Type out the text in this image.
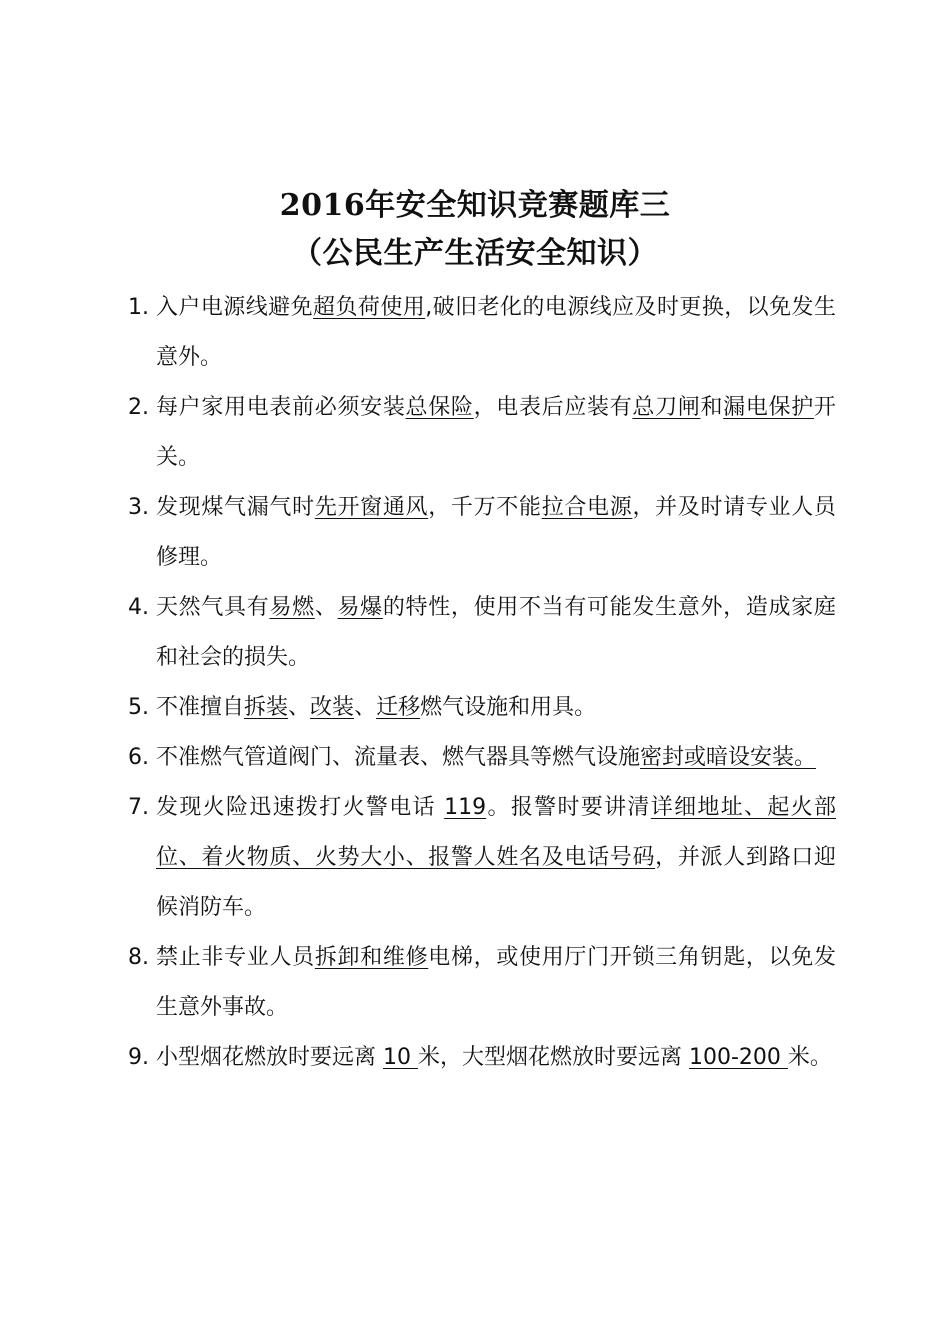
2016年安全知识竞赛题库三
（公民生产生活安全知识）
1. 入户电源线避免超负荷使用,破旧老化的电源线应及时更换，以免发生意外。
2. 每户家用电表前必须安装总保险，电表后应装有总刀闸和漏电保护开关。
3. 发现煤气漏气时先开窗通风，千万不能拉合电源，并及时请专业人员修理。
4. 天然气具有易燃、易爆的特性，使用不当有可能发生意外，造成家庭和社会的损失。
5. 不准擅自拆装、改装、迁移燃气设施和用具。
6. 不准燃气管道阀门、流量表、燃气器具等燃气设施密封或暗设安装。
7. 发现火险迅速拨打火警电话 119。报警时要讲清详细地址、起火部位、着火物质、火势大小、报警人姓名及电话号码，并派人到路口迎候消防车。
8. 禁止非专业人员拆卸和维修电梯，或使用厅门开锁三角钥匙，以免发生意外事故。
9. 小型烟花燃放时要远离 10 米，大型烟花燃放时要远离 100-200 米。
